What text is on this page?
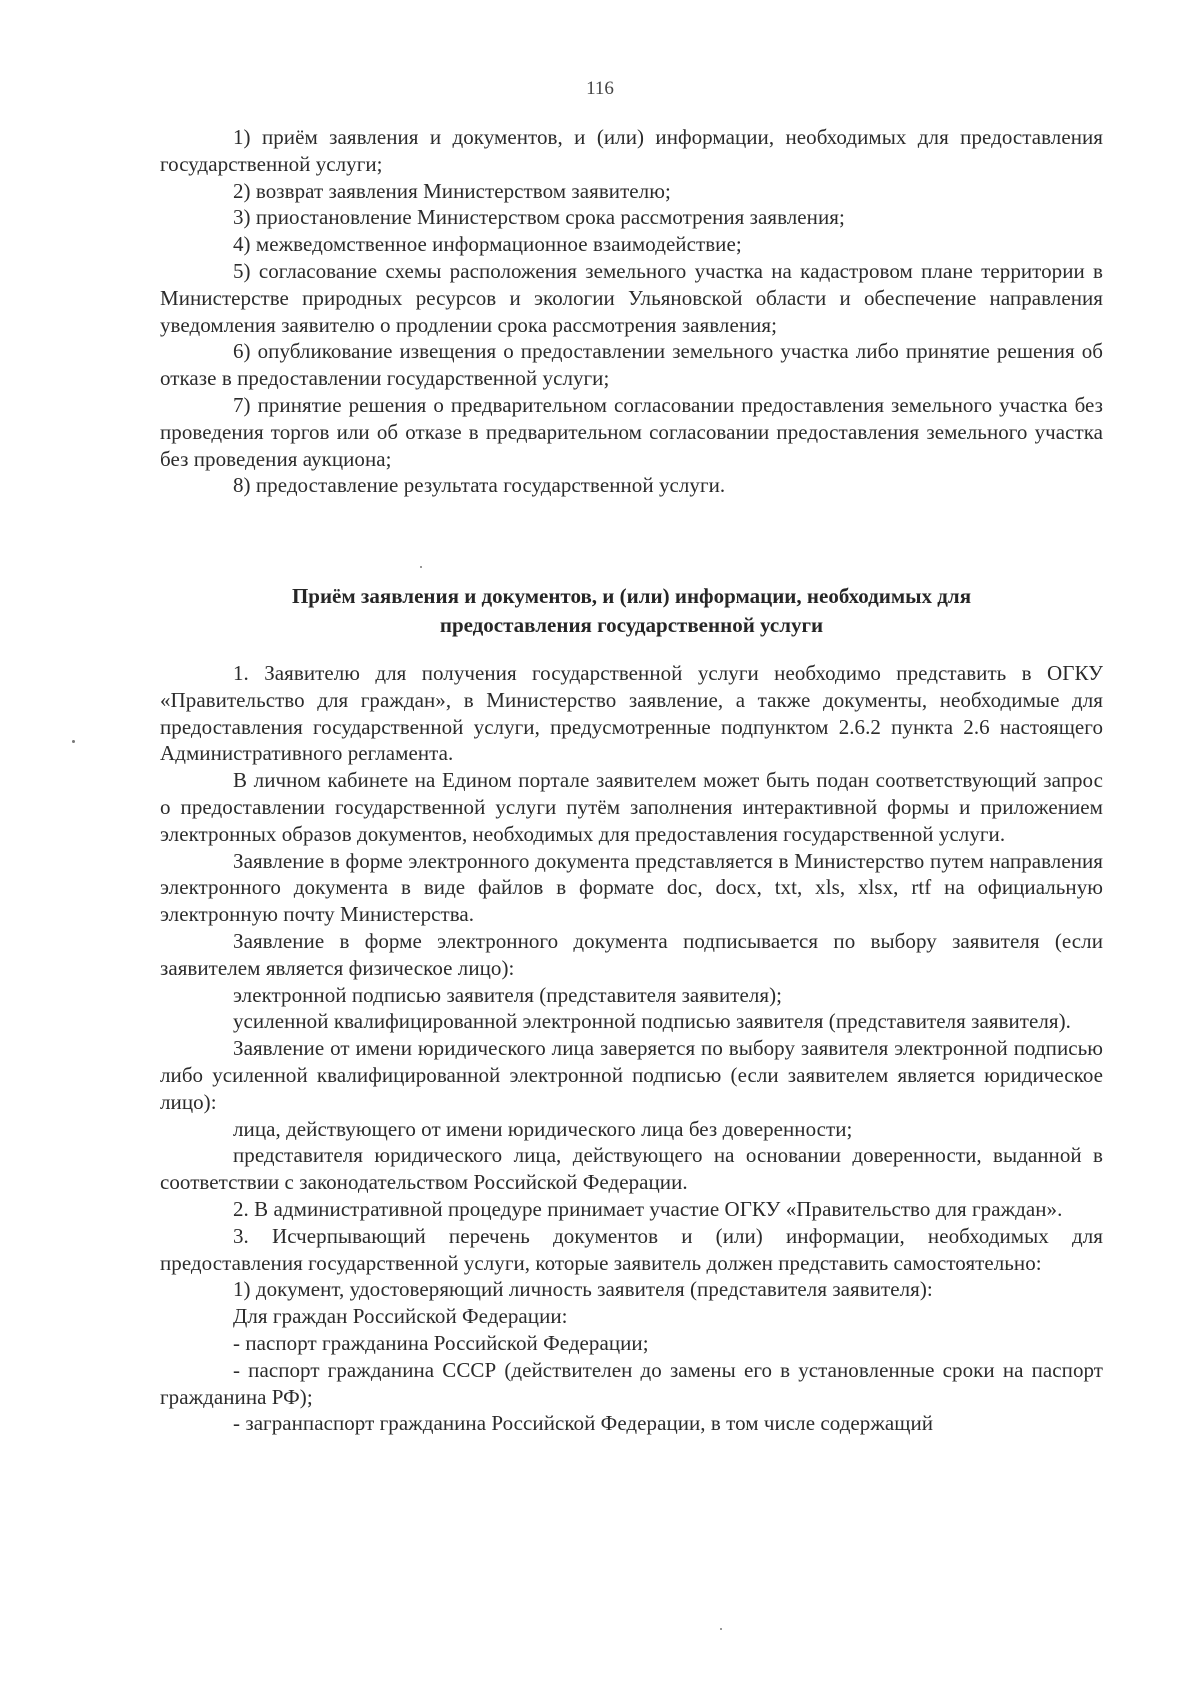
116

1) приём заявления и документов, и (или) информации, необходимых для предоставления государственной услуги;

2) возврат заявления Министерством заявителю;

3) приостановление Министерством срока рассмотрения заявления;

4) межведомственное информационное взаимодействие;

5) согласование схемы расположения земельного участка на кадастровом плане территории в Министерстве природных ресурсов и экологии Ульяновской области и обеспечение направления уведомления заявителю о продлении срока рассмотрения заявления;

6) опубликование извещения о предоставлении земельного участка либо принятие решения об отказе в предоставлении государственной услуги;

7) принятие решения о предварительном согласовании предоставления земельного участка без проведения торгов или об отказе в предварительном согласовании предоставления земельного участка без проведения аукциона;

8) предоставление результата государственной услуги.

Приём заявления и документов, и (или) информации, необходимых для
предоставления государственной услуги

1. Заявителю для получения государственной услуги необходимо представить в ОГКУ «Правительство для граждан», в Министерство заявление, а также документы, необходимые для предоставления государственной услуги, предусмотренные подпунктом 2.6.2 пункта 2.6 настоящего Административного регламента.

В личном кабинете на Едином портале заявителем может быть подан соответствующий запрос о предоставлении государственной услуги путём заполнения интерактивной формы и приложением электронных образов документов, необходимых для предоставления государственной услуги.

Заявление в форме электронного документа представляется в Министерство путем направления электронного документа в виде файлов в формате doc, docx, txt, xls, xlsx, rtf на официальную электронную почту Министерства.

Заявление в форме электронного документа подписывается по выбору заявителя (если заявителем является физическое лицо):

электронной подписью заявителя (представителя заявителя);

усиленной квалифицированной электронной подписью заявителя (представителя заявителя).

Заявление от имени юридического лица заверяется по выбору заявителя электронной подписью либо усиленной квалифицированной электронной подписью (если заявителем является юридическое лицо):

лица, действующего от имени юридического лица без доверенности;

представителя юридического лица, действующего на основании доверенности, выданной в соответствии с законодательством Российской Федерации.

2. В административной процедуре принимает участие ОГКУ «Правительство для граждан».

3. Исчерпывающий перечень документов и (или) информации, необходимых для предоставления государственной услуги, которые заявитель должен представить самостоятельно:

1) документ, удостоверяющий личность заявителя (представителя заявителя):

Для граждан Российской Федерации:

- паспорт гражданина Российской Федерации;

- паспорт гражданина СССР (действителен до замены его в установленные сроки на паспорт гражданина РФ);

- загранпаспорт гражданина Российской Федерации, в том числе содержащий
